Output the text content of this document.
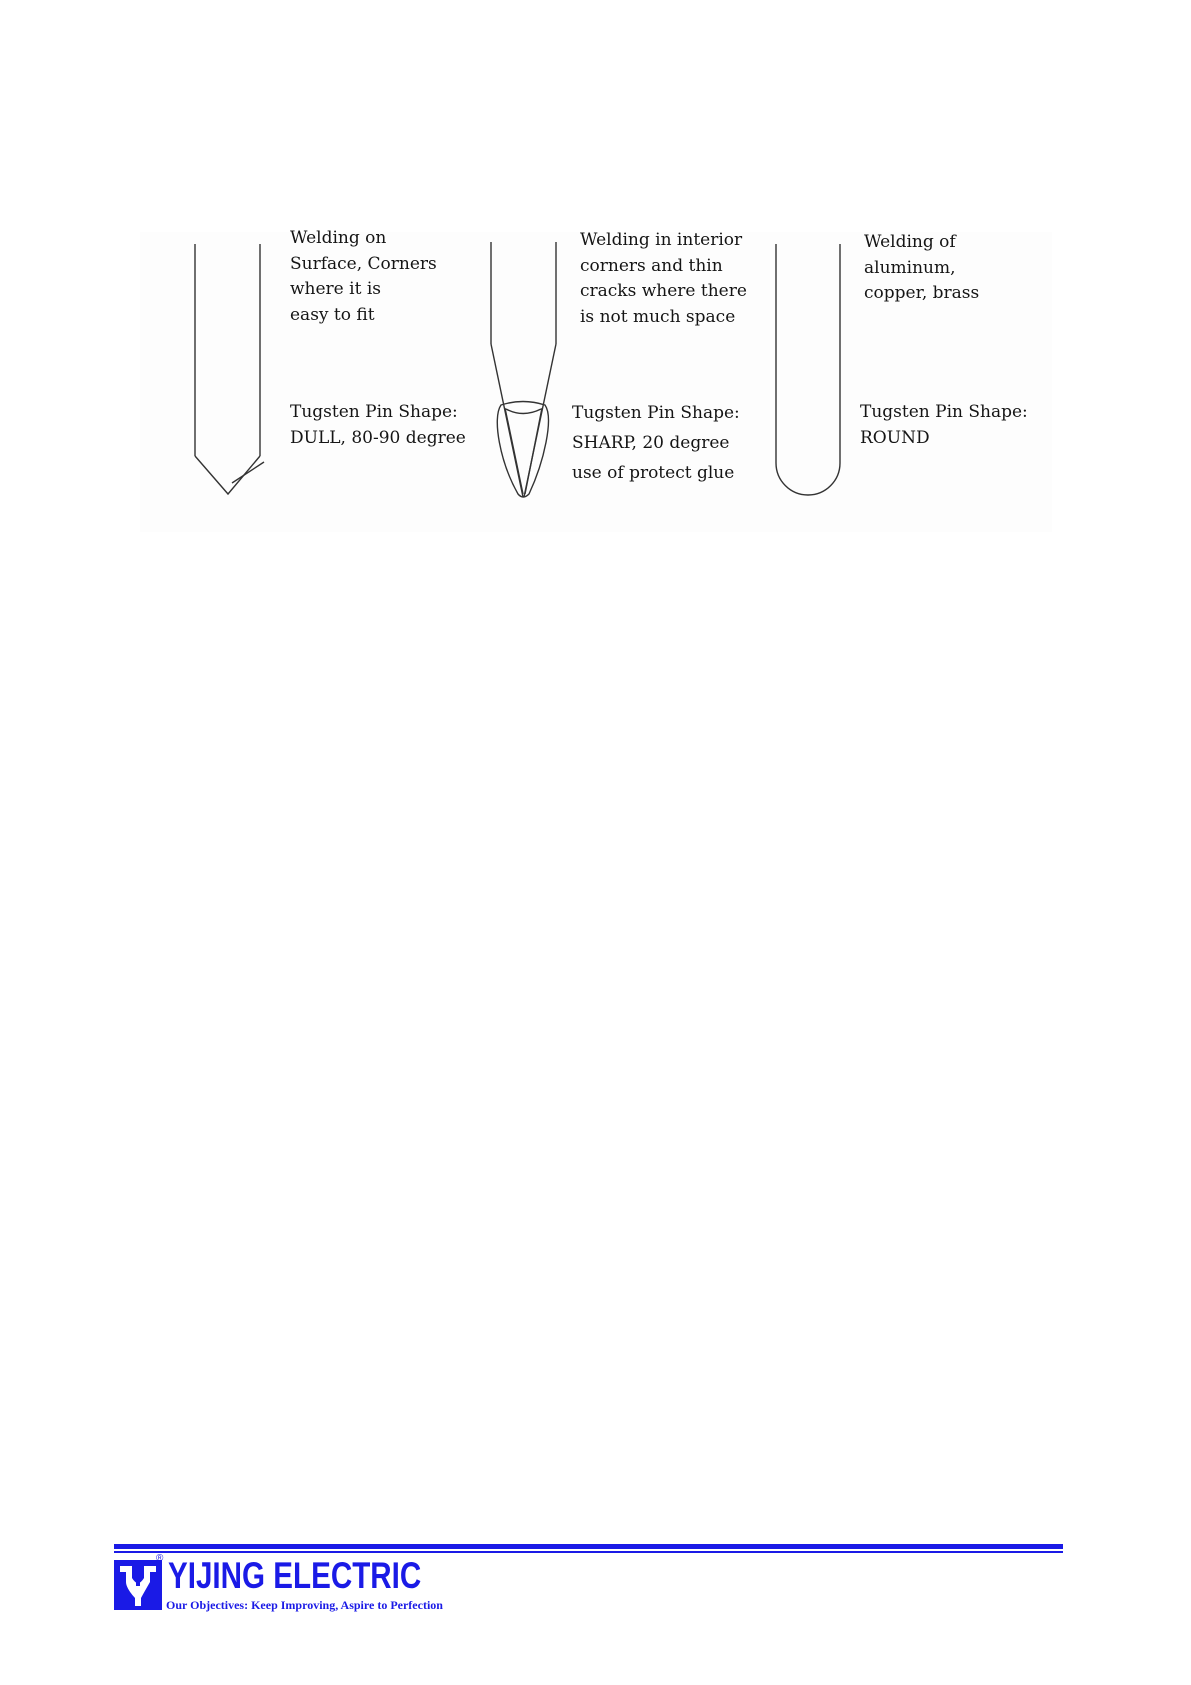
Welding on
Surface, Corners
where it is
easy to fit
Tugsten Pin Shape:
DULL, 80-90 degree
Welding in interior
corners and thin
cracks where there
is not much space
Tugsten Pin Shape:
SHARP, 20 degree
use of protect glue
Welding of
aluminum,
copper, brass
Tugsten Pin Shape:
ROUND
® YIJING ELECTRIC
Our Objectives: Keep Improving, Aspire to Perfection
